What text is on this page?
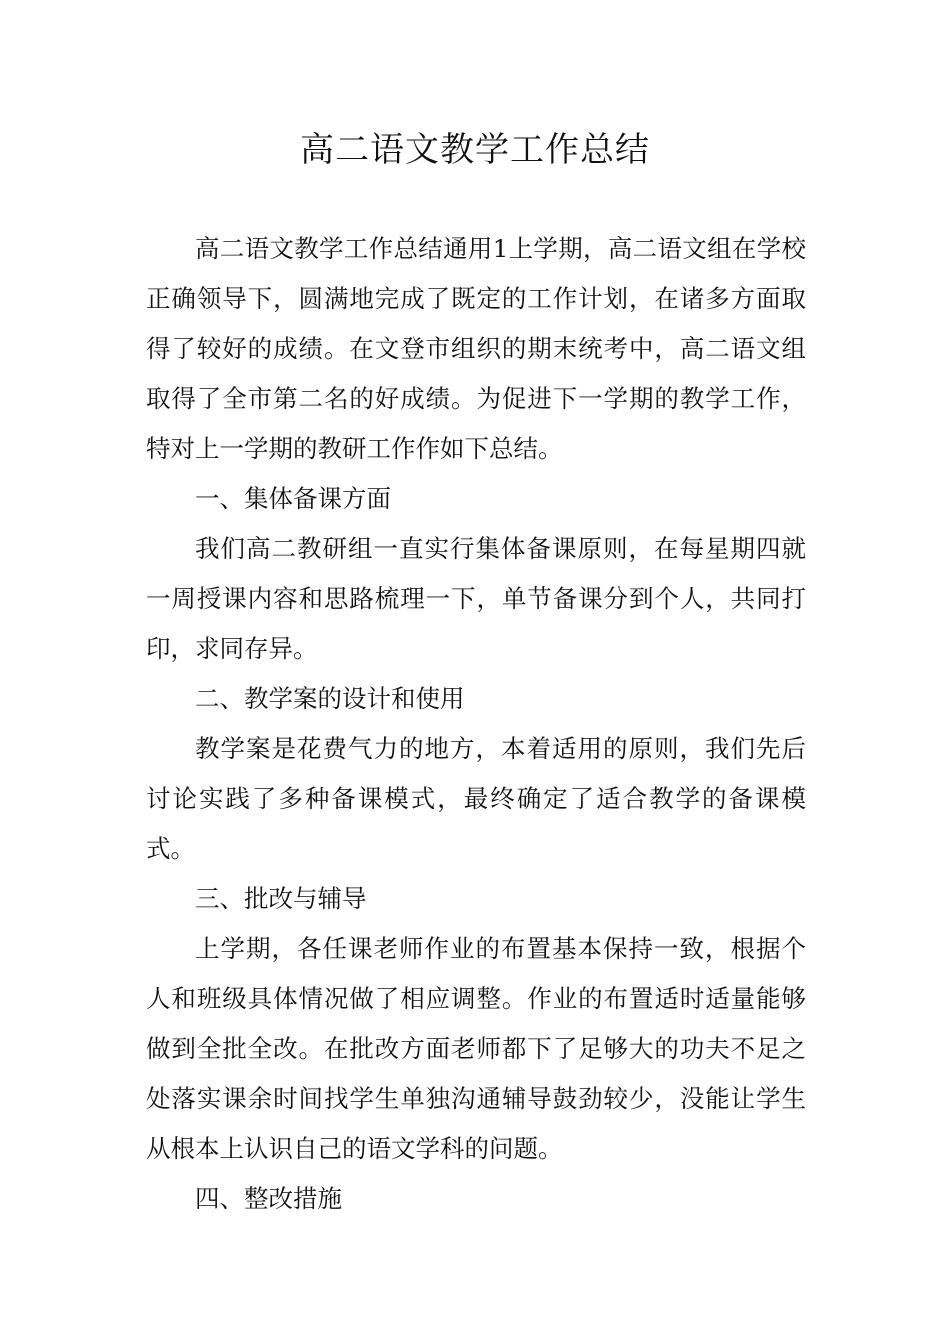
高二语文教学工作总结

高二语文教学工作总结通用1上学期，高二语文组在学校正确领导下，圆满地完成了既定的工作计划，在诸多方面取得了较好的成绩。在文登市组织的期末统考中，高二语文组取得了全市第二名的好成绩。为促进下一学期的教学工作，特对上一学期的教研工作作如下总结。

一、集体备课方面

我们高二教研组一直实行集体备课原则，在每星期四就一周授课内容和思路梳理一下，单节备课分到个人，共同打印，求同存异。

二、教学案的设计和使用

教学案是花费气力的地方，本着适用的原则，我们先后讨论实践了多种备课模式，最终确定了适合教学的备课模式。

三、批改与辅导

上学期，各任课老师作业的布置基本保持一致，根据个人和班级具体情况做了相应调整。作业的布置适时适量能够做到全批全改。在批改方面老师都下了足够大的功夫不足之处落实课余时间找学生单独沟通辅导鼓劲较少，没能让学生从根本上认识自己的语文学科的问题。

四、整改措施
